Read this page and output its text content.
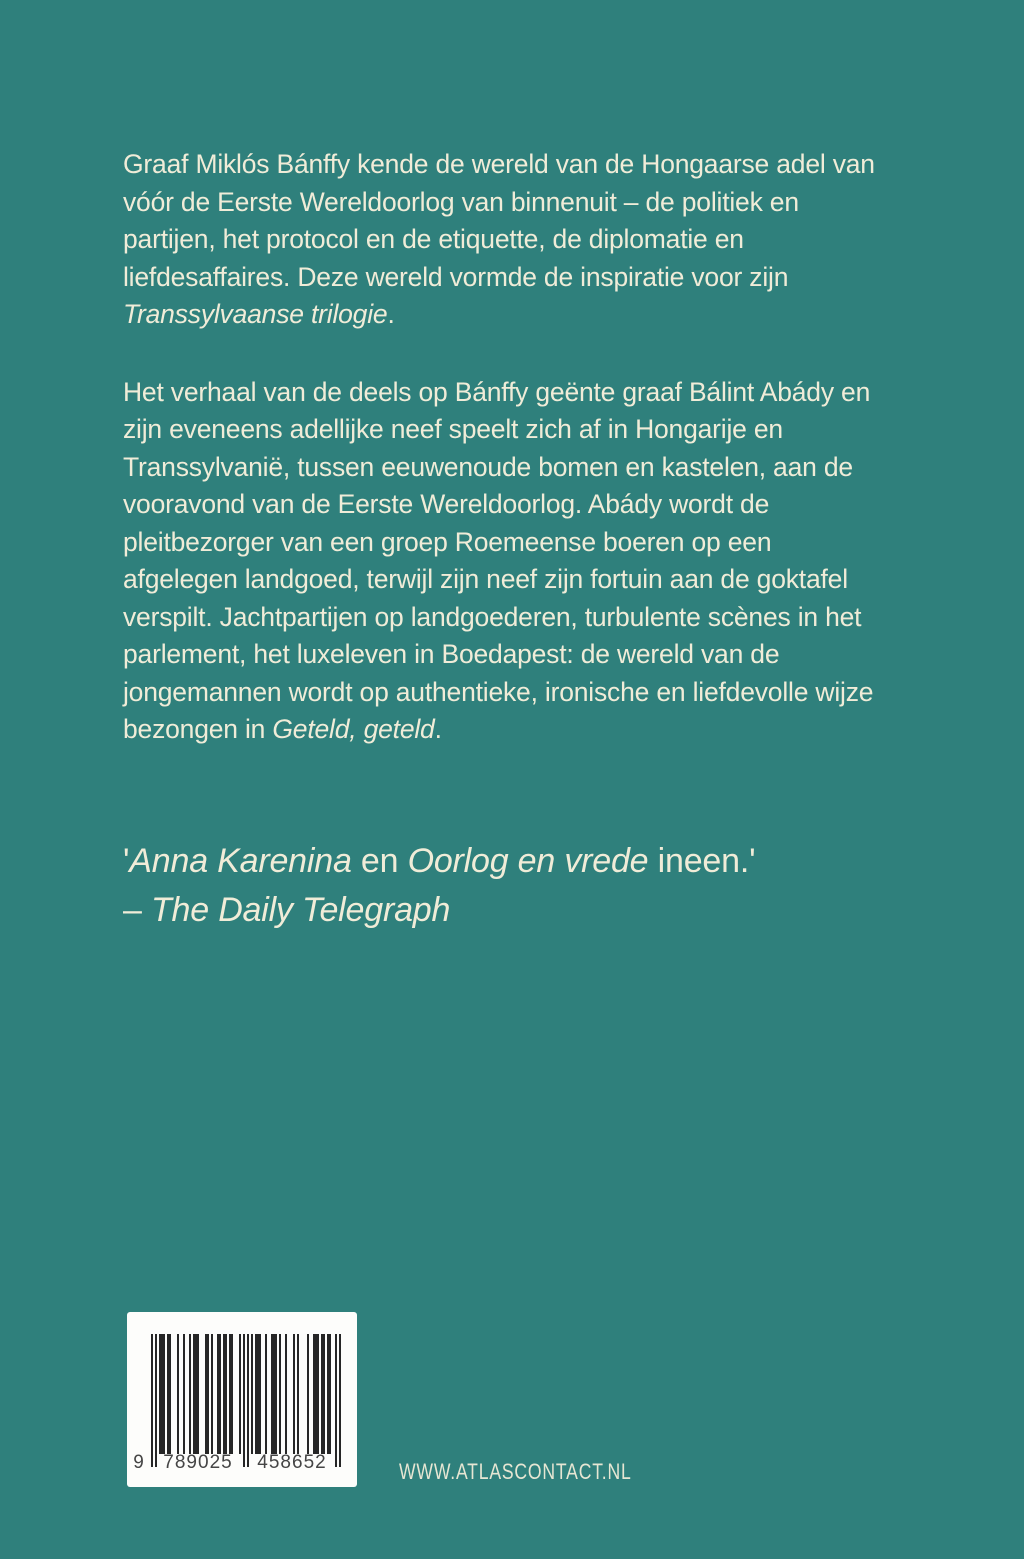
Graaf Miklós Bánffy kende de wereld van de Hongaarse adel van vóór de Eerste Wereldoorlog van binnenuit – de politiek en partijen, het protocol en de etiquette, de diplomatie en liefdesaffaires. Deze wereld vormde de inspiratie voor zijn Transsylvaanse trilogie.

Het verhaal van de deels op Bánffy geënte graaf Bálint Abády en zijn eveneens adellijke neef speelt zich af in Hongarije en Transsylvanië, tussen eeuwenoude bomen en kastelen, aan de vooravond van de Eerste Wereldoorlog. Abády wordt de pleitbezorger van een groep Roemeense boeren op een afgelegen landgoed, terwijl zijn neef zijn fortuin aan de goktafel verspilt. Jachtpartijen op landgoederen, turbulente scènes in het parlement, het luxeleven in Boedapest: de wereld van de jongemannen wordt op authentieke, ironische en liefdevolle wijze bezongen in Geteld, geteld.

'Anna Karenina en Oorlog en vrede ineen.' – The Daily Telegraph
9 789025	458652	WWW.ATLASCONTACT.NL
